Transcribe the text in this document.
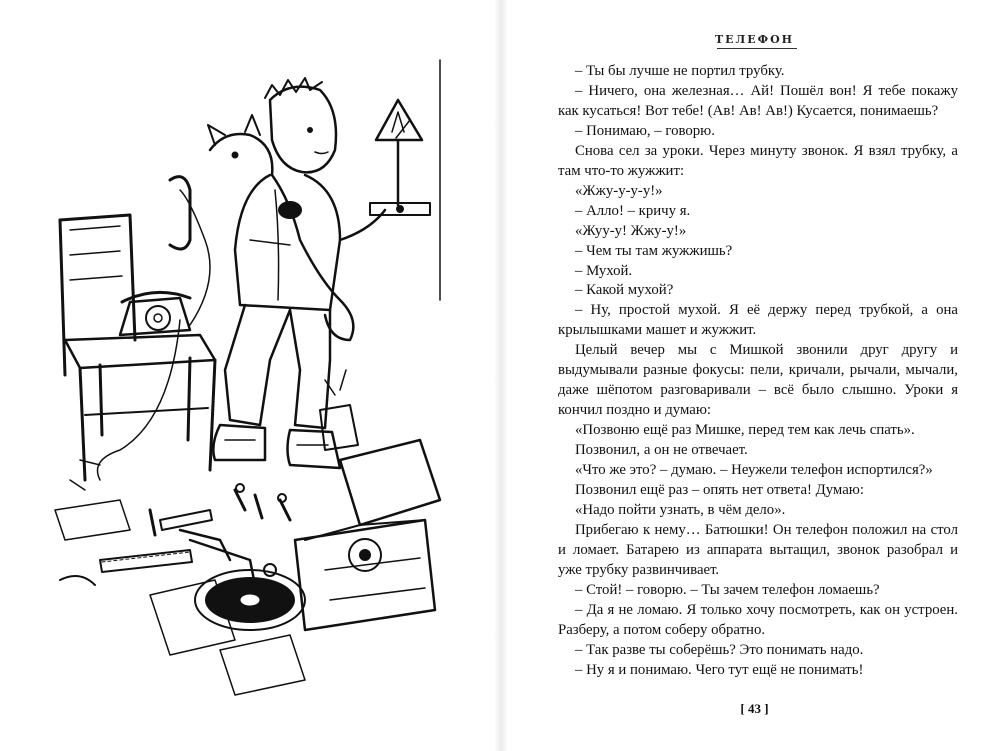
ТЕЛЕФОН

– Ты бы лучше не портил трубку.

– Ничего, она железная… Ай! Пошёл вон! Я тебе покажу как кусаться! Вот тебе! (Ав! Ав! Ав!) Кусается, понимаешь?

– Понимаю, – говорю.

Снова сел за уроки. Через минуту звонок. Я взял трубку, а там что-то жужжит:

«Жжу-у-у-у!»

– Алло! – кричу я.

«Жуу-у! Жжу-у!»

– Чем ты там жужжишь?

– Мухой.

– Какой мухой?

– Ну, простой мухой. Я её держу перед трубкой, а она крылышками машет и жужжит.

Целый вечер мы с Мишкой звонили друг другу и выдумывали разные фокусы: пели, кричали, рычали, мычали, даже шёпотом разговаривали – всё было слышно. Уроки я кончил поздно и думаю:

«Позвоню ещё раз Мишке, перед тем как лечь спать».

Позвонил, а он не отвечает.

«Что же это? – думаю. – Неужели телефон испортился?»

Позвонил ещё раз – опять нет ответа! Думаю:

«Надо пойти узнать, в чём дело».

Прибегаю к нему… Батюшки! Он телефон положил на стол и ломает. Батарею из аппарата вытащил, звонок разобрал и уже трубку развинчивает.

– Стой! – говорю. – Ты зачем телефон ломаешь?

– Да я не ломаю. Я только хочу посмотреть, как он устроен. Разберу, а потом соберу обратно.

– Так разве ты соберёшь? Это понимать надо.

– Ну я и понимаю. Чего тут ещё не понимать!

[ 43 ]
